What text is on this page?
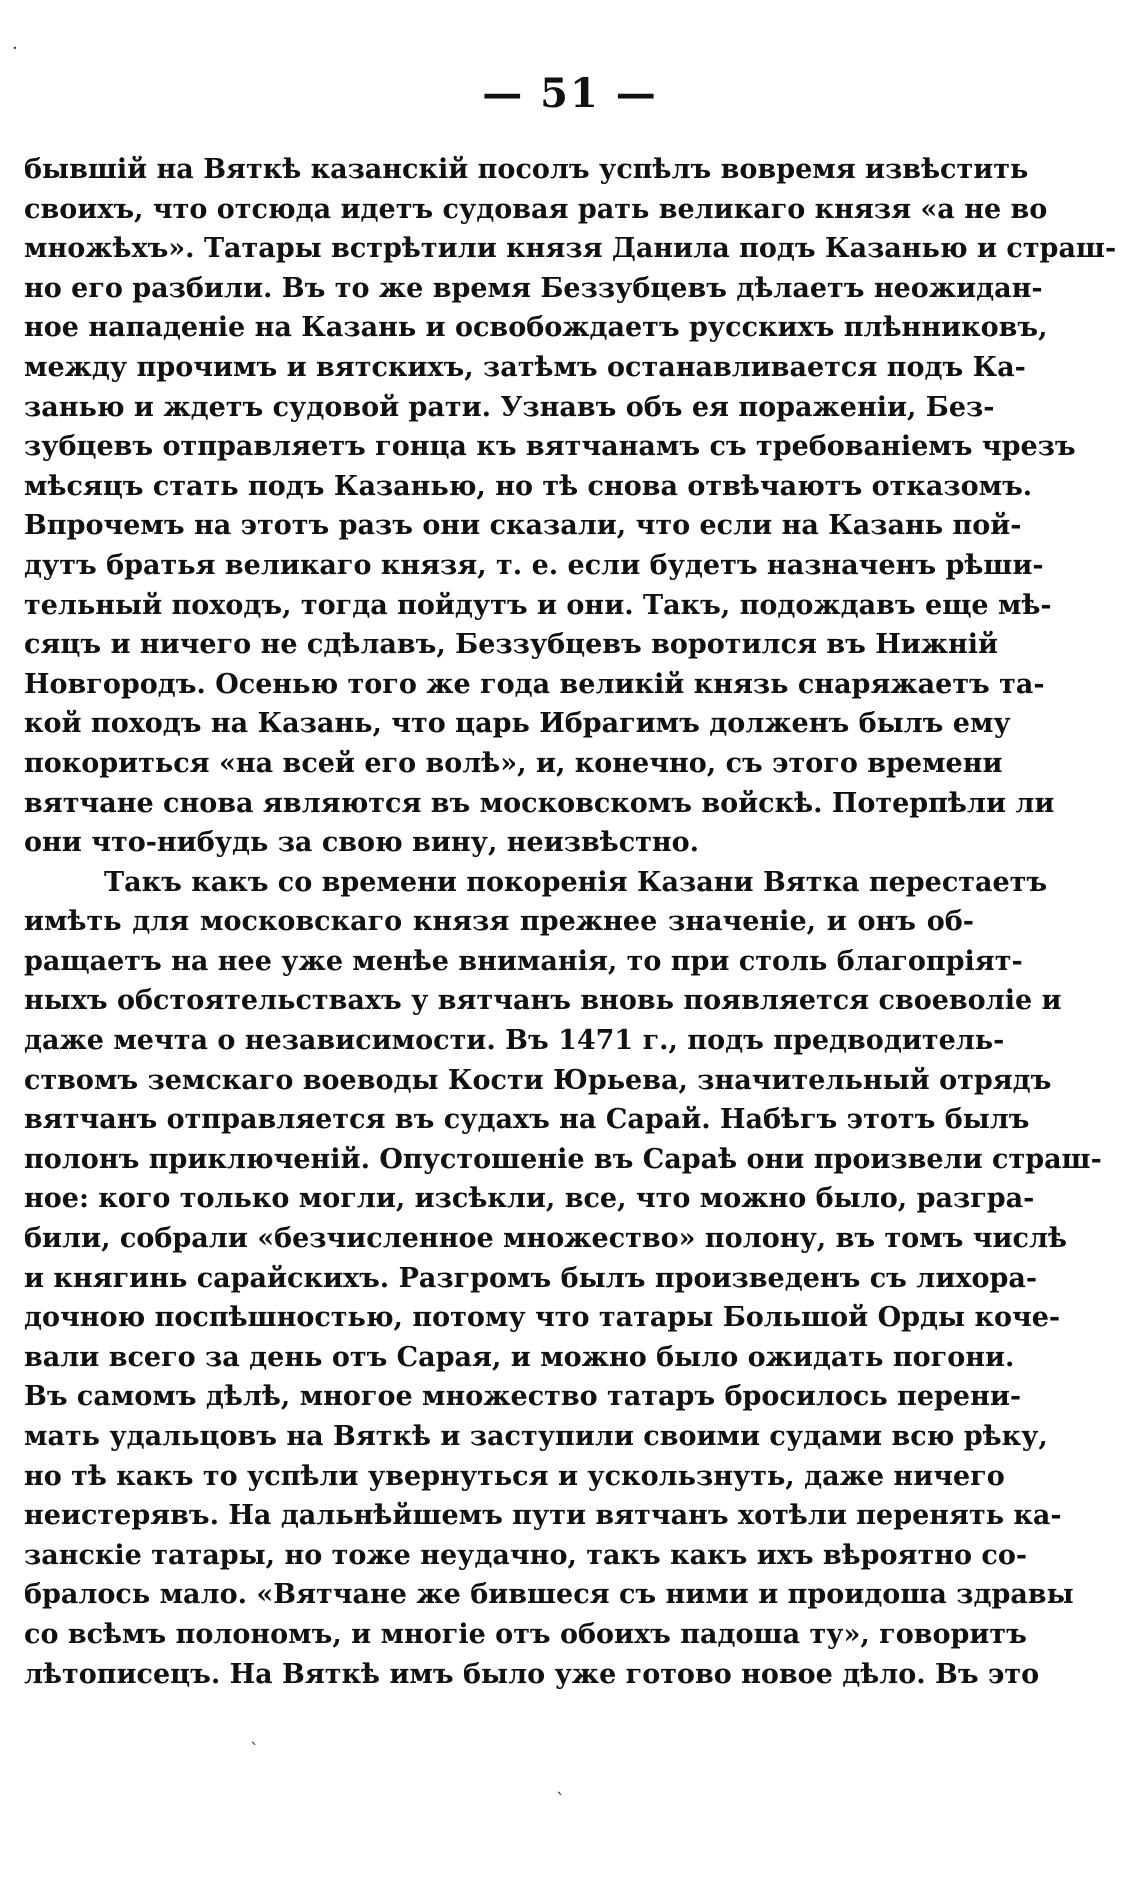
— 51 —
бывшій на Вяткѣ казанскій посолъ успѣлъ вовремя извѣстить
своихъ, что отсюда идетъ судовая рать великаго князя «а не во
множѣхъ». Татары встрѣтили князя Данила подъ Казанью и страш-
но его разбили. Въ то же время Беззубцевъ дѣлаетъ неожидан-
ное нападеніе на Казань и освобождаетъ русскихъ плѣнниковъ,
между прочимъ и вятскихъ, затѣмъ останавливается подъ Ка-
занью и ждетъ судовой рати. Узнавъ объ ея пораженіи, Без-
зубцевъ отправляетъ гонца къ вятчанамъ съ требованіемъ чрезъ
мѣсяцъ стать подъ Казанью, но тѣ снова отвѣчаютъ отказомъ.
Впрочемъ на этотъ разъ они сказали, что если на Казань пой-
дутъ братья великаго князя, т. е. если будетъ назначенъ рѣши-
тельный походъ, тогда пойдутъ и они. Такъ, подождавъ еще мѣ-
сяцъ и ничего не сдѣлавъ, Беззубцевъ воротился въ Нижній
Новгородъ. Осенью того же года великій князь снаряжаетъ та-
кой походъ на Казань, что царь Ибрагимъ долженъ былъ ему
покориться «на всей его волѣ», и, конечно, съ этого времени
вятчане снова являются въ московскомъ войскѣ. Потерпѣли ли
они что-нибудь за свою вину, неизвѣстно.
Такъ какъ со времени покоренія Казани Вятка перестаетъ
имѣть для московскаго князя прежнее значеніе, и онъ об-
ращаетъ на нее уже менѣе вниманія, то при столь благопріят-
ныхъ обстоятельствахъ у вятчанъ вновь появляется своеволіе и
даже мечта о независимости. Въ 1471 г., подъ предводитель-
ствомъ земскаго воеводы Кости Юрьева, значительный отрядъ
вятчанъ отправляется въ судахъ на Сарай. Набѣгъ этотъ былъ
полонъ приключеній. Опустошеніе въ Сараѣ они произвели страш-
ное: кого только могли, изсѣкли, все, что можно было, разгра-
били, собрали «безчисленное множество» полону, въ томъ числѣ
и княгинь сарайскихъ. Разгромъ былъ произведенъ съ лихора-
дочною поспѣшностью, потому что татары Большой Орды коче-
вали всего за день отъ Сарая, и можно было ожидать погони.
Въ самомъ дѣлѣ, многое множество татаръ бросилось перени-
мать удальцовъ на Вяткѣ и заступили своими судами всю рѣку,
но тѣ какъ то успѣли увернуться и ускользнуть, даже ничего
неистерявъ. На дальнѣйшемъ пути вятчанъ хотѣли перенять ка-
занскіе татары, но тоже неудачно, такъ какъ ихъ вѣроятно со-
бралось мало. «Вятчане же бившеся съ ними и проидоша здравы
со всѣмъ полономъ, и многіе отъ обоихъ падоша ту», говоритъ
лѣтописецъ. На Вяткѣ имъ было уже готово новое дѣло. Въ это
·
ˋ
ˋ
